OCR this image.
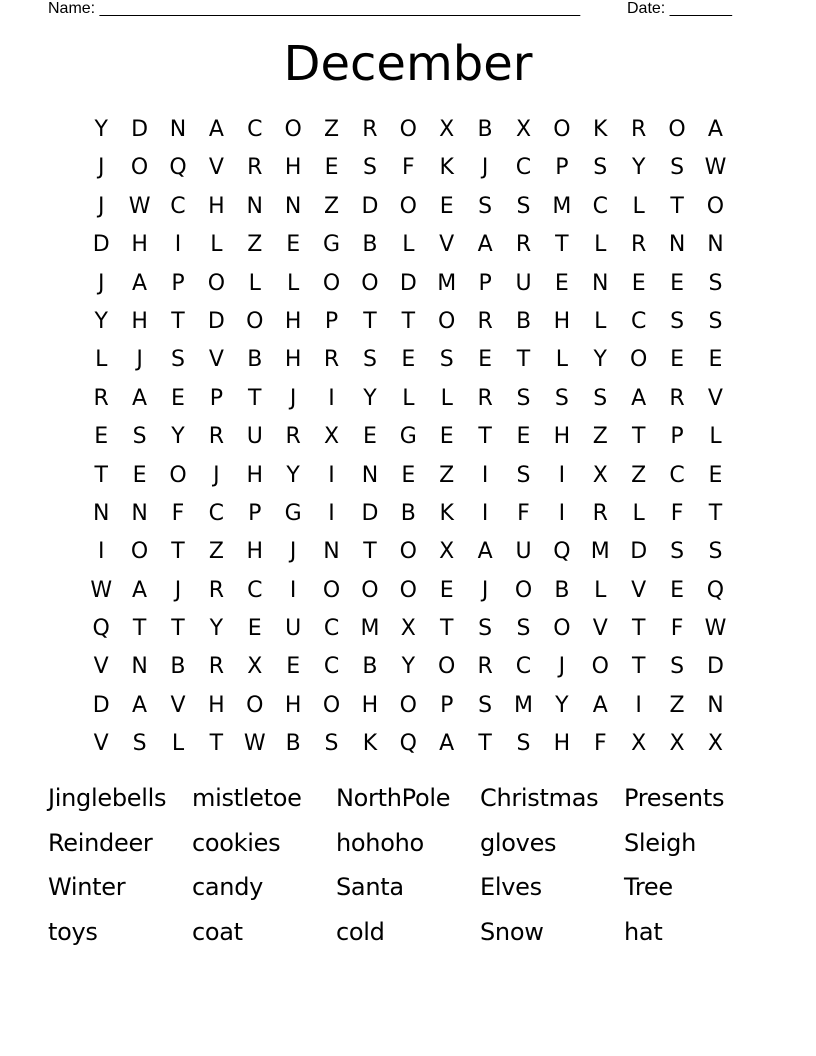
Name: ______________________________________________________	Date: _______
December
Y	D N	A	C	O	Z	R	O	X	B	X	O	K	R	O	A
J	O Q	V	R	H	E	S	F	K	J	C	P	S	Y	S W
J	W C	H N N	Z	D O	E	S	S M C	L	T	O
D H	I	L	Z	E	G	B	L	V	A	R	T	L	R	N N
J	A	P	O	L	L	O O D M	P	U	E	N	E	E	S
Y	H	T	D O H	P	T	T	O	R	B	H	L	C	S	S
L	J	S	V	B	H	R	S	E	S	E	T	L	Y	O	E	E
R	A	E	P	T	J	I	Y	L	L	R	S	S	S	A	R	V
E	S	Y	R	U	R	X	E	G	E	T	E	H	Z	T	P	L
T	E	O	J	H	Y	I	N	E	Z	I	S	I	X	Z	C	E
N N	F	C	P	G	I	D	B	K	I	F	I	R	L	F	T
I	O	T	Z	H	J	N	T	O	X	A	U Q M D	S	S
W A	J	R	C	I	O O O	E	J	O	B	L	V	E	Q
Q	T	T	Y	E	U	C M X	T	S	S	O	V	T	F W
V	N	B	R	X	E	C	B	Y	O	R	C	J	O	T	S	D
D	A	V	H O H O H O	P	S M	Y	A	I	Z	N
V	S	L	T W B	S	K	Q	A	T	S	H	F	X	X	X
Jinglebells	mistletoe	NorthPole	Christmas	Presents
Reindeer	cookies	hohoho	gloves	Sleigh
Winter	candy	Santa	Elves	Tree
toys	coat	cold	Snow	hat
